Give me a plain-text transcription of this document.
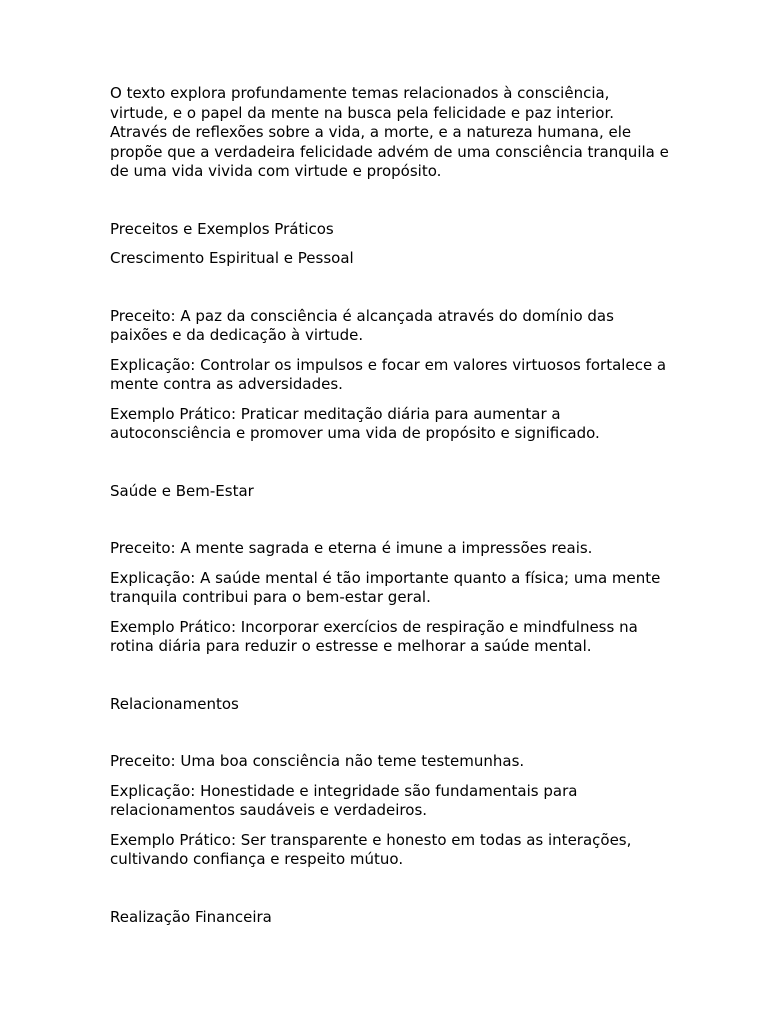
O texto explora profundamente temas relacionados à consciência, virtude, e o papel da mente na busca pela felicidade e paz interior. Através de reflexões sobre a vida, a morte, e a natureza humana, ele propõe que a verdadeira felicidade advém de uma consciência tranquila e de uma vida vivida com virtude e propósito.

Preceitos e Exemplos Práticos

Crescimento Espiritual e Pessoal

Preceito: A paz da consciência é alcançada através do domínio das paixões e da dedicação à virtude.

Explicação: Controlar os impulsos e focar em valores virtuosos fortalece a mente contra as adversidades.

Exemplo Prático: Praticar meditação diária para aumentar a autoconsciência e promover uma vida de propósito e significado.

Saúde e Bem-Estar

Preceito: A mente sagrada e eterna é imune a impressões reais.

Explicação: A saúde mental é tão importante quanto a física; uma mente tranquila contribui para o bem-estar geral.

Exemplo Prático: Incorporar exercícios de respiração e mindfulness na rotina diária para reduzir o estresse e melhorar a saúde mental.

Relacionamentos

Preceito: Uma boa consciência não teme testemunhas.

Explicação: Honestidade e integridade são fundamentais para relacionamentos saudáveis e verdadeiros.

Exemplo Prático: Ser transparente e honesto em todas as interações, cultivando confiança e respeito mútuo.

Realização Financeira
